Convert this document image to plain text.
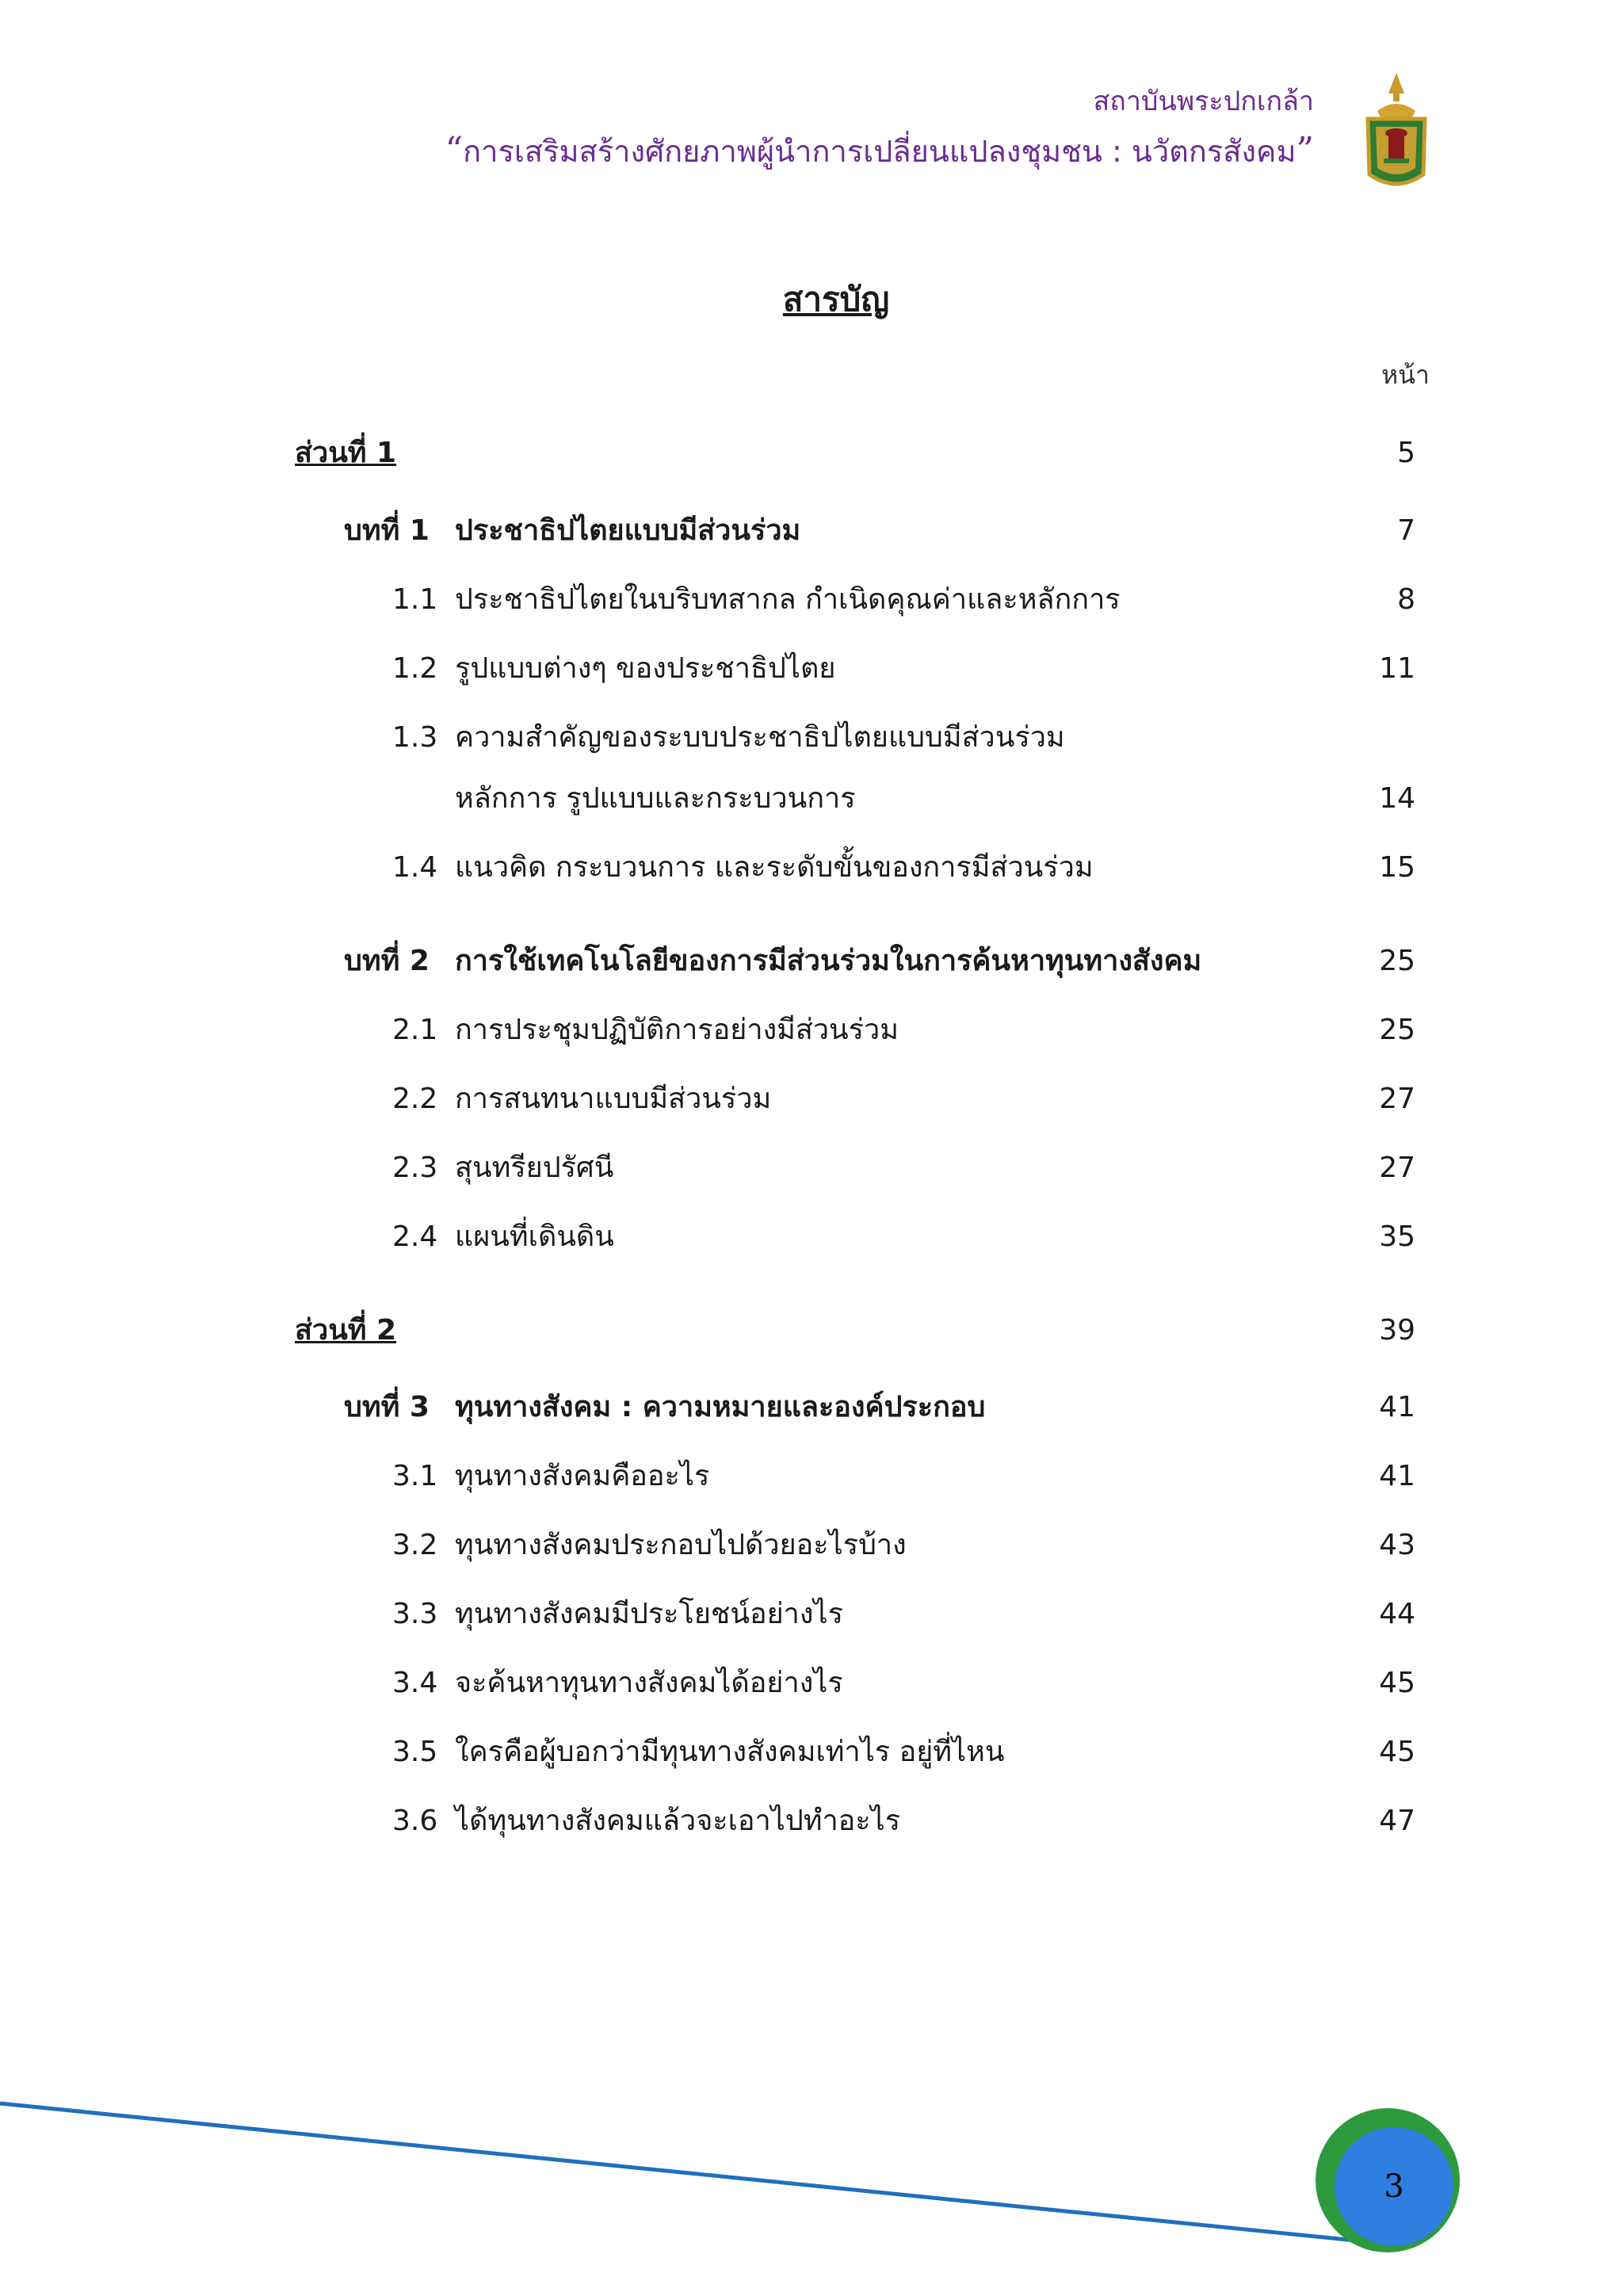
สถาบันพระปกเกล้า

“การเสริมสร้างศักยภาพผู้นำการเปลี่ยนแปลงชุมชน : นวัตกรสังคม”

สารบัญ
หน้า
ส่วนที่ 1	5
บทที่ 1 ประชาธิปไตยแบบมีส่วนร่วม	7
1.1 ประชาธิปไตยในบริบทสากล กำเนิดคุณค่าและหลักการ	8
1.2 รูปแบบต่างๆ ของประชาธิปไตย	11
1.3 ความสำคัญของระบบประชาธิปไตยแบบมีส่วนร่วม
หลักการ รูปแบบและกระบวนการ	14
1.4 แนวคิด กระบวนการ และระดับขั้นของการมีส่วนร่วม	15
บทที่ 2 การใช้เทคโนโลยีของการมีส่วนร่วมในการค้นหาทุนทางสังคม	25
2.1 การประชุมปฏิบัติการอย่างมีส่วนร่วม	25
2.2 การสนทนาแบบมีส่วนร่วม	27
2.3 สุนทรียปรัศนี	27
2.4 แผนที่เดินดิน	35
ส่วนที่ 2	39
บทที่ 3 ทุนทางสังคม : ความหมายและองค์ประกอบ	41
3.1 ทุนทางสังคมคืออะไร	41
3.2 ทุนทางสังคมประกอบไปด้วยอะไรบ้าง	43
3.3 ทุนทางสังคมมีประโยชน์อย่างไร	44
3.4 จะค้นหาทุนทางสังคมได้อย่างไร	45
3.5 ใครคือผู้บอกว่ามีทุนทางสังคมเท่าไร อยู่ที่ไหน	45
3.6 ได้ทุนทางสังคมแล้วจะเอาไปทำอะไร	47
3
